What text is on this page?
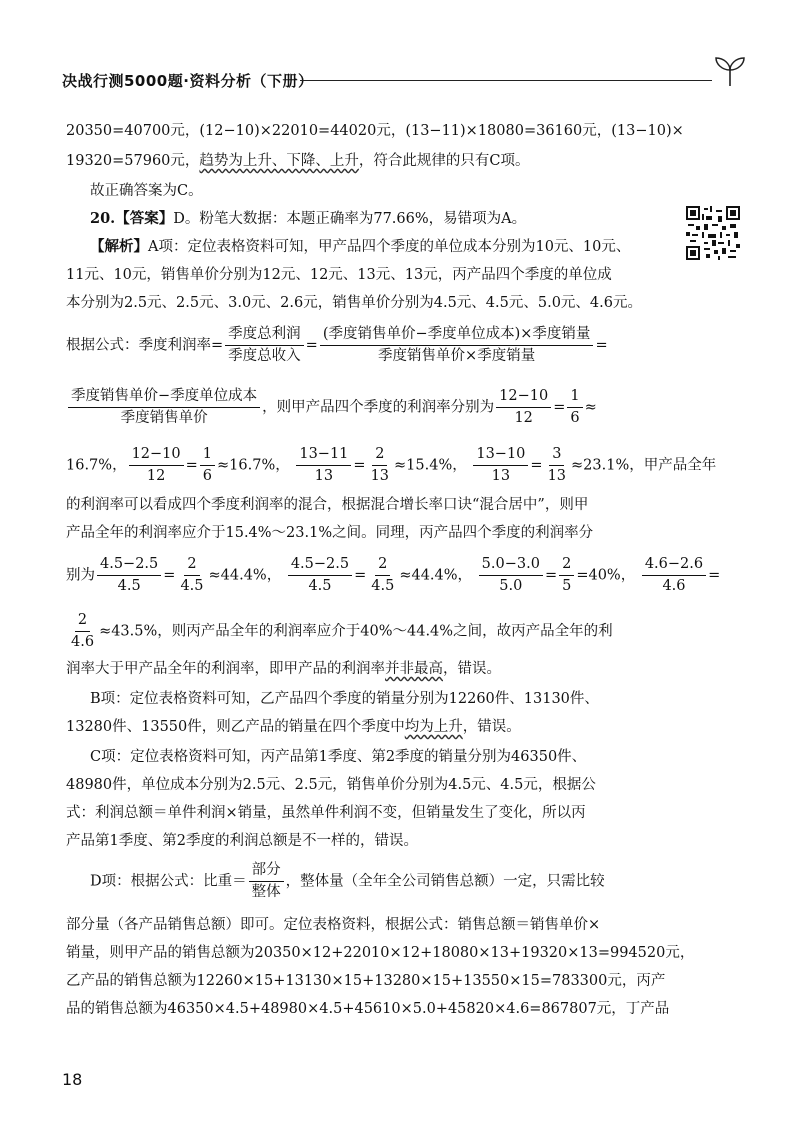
决战行测5000题·资料分析（下册）
20350=40700元，(12−10)×22010=44020元，(13−11)×18080=36160元，(13−10)×
19320=57960元，趋势为上升、下降、上升，符合此规律的只有C项。
故正确答案为C。
20.【答案】D。粉笔大数据：本题正确率为77.66%，易错项为A。
【解析】A项：定位表格资料可知，甲产品四个季度的单位成本分别为10元、10元、
11元、10元，销售单价分别为12元、12元、13元、13元，丙产品四个季度的单位成
本分别为2.5元、2.5元、3.0元、2.6元，销售单价分别为4.5元、4.5元、5.0元、4.6元。
根据公式：季度利润率= $\frac{\text{季度总利润}}{\text{季度总收入}} = \frac{\text{(季度销售单价−季度单位成本)×季度销量}}{\text{季度销售单价×季度销量}}$ =
$\frac{\text{季度销售单价−季度单位成本}}{\text{季度销售单价}}$ ，则甲产品四个季度的利润率分别为 $\frac{12-10}{12} = \frac{1}{6}$ ≈
16.7%， $\frac{12-10}{12} = \frac{1}{6} \approx 16.7\%$， $\frac{13-11}{13} = \frac{2}{13} \approx 15.4\%$， $\frac{13-10}{13} = \frac{3}{13} \approx 23.1\%$，甲产品全年
的利润率可以看成四个季度利润率的混合，根据混合增长率口诀“混合居中”，则甲
产品全年的利润率应介于15.4%～23.1%之间。同理，丙产品四个季度的利润率分
别为 $\frac{4.5-2.5}{4.5} = \frac{2}{4.5} \approx 44.4\%$， $\frac{4.5-2.5}{4.5} = \frac{2}{4.5} \approx 44.4\%$， $\frac{5.0-3.0}{5.0} = \frac{2}{5} =40\%$， $\frac{4.6-2.6}{4.6}$ =
$\frac{2}{4.6} \approx 43.5\%$，则丙产品全年的利润率应介于40%～44.4%之间，故丙产品全年的利
润率大于甲产品全年的利润率，即甲产品的利润率并非最高，错误。
B项：定位表格资料可知，乙产品四个季度的销量分别为12260件、13130件、
13280件、13550件，则乙产品的销量在四个季度中均为上升，错误。
C项：定位表格资料可知，丙产品第1季度、第2季度的销量分别为46350件、
48980件，单位成本分别为2.5元、2.5元，销售单价分别为4.5元、4.5元，根据公
式：利润总额＝单件利润×销量，虽然单件利润不变，但销量发生了变化，所以丙
产品第1季度、第2季度的利润总额是不一样的，错误。
D项：根据公式：比重＝ $\frac{\text{部分}}{\text{整体}}$ ，整体量（全年全公司销售总额）一定，只需比较
部分量（各产品销售总额）即可。定位表格资料，根据公式：销售总额＝销售单价×
销量，则甲产品的销售总额为20350×12+22010×12+18080×13+19320×13=994520元，
乙产品的销售总额为12260×15+13130×15+13280×15+13550×15=783300元，丙产
品的销售总额为46350×4.5+48980×4.5+45610×5.0+45820×4.6=867807元，丁产品
18
